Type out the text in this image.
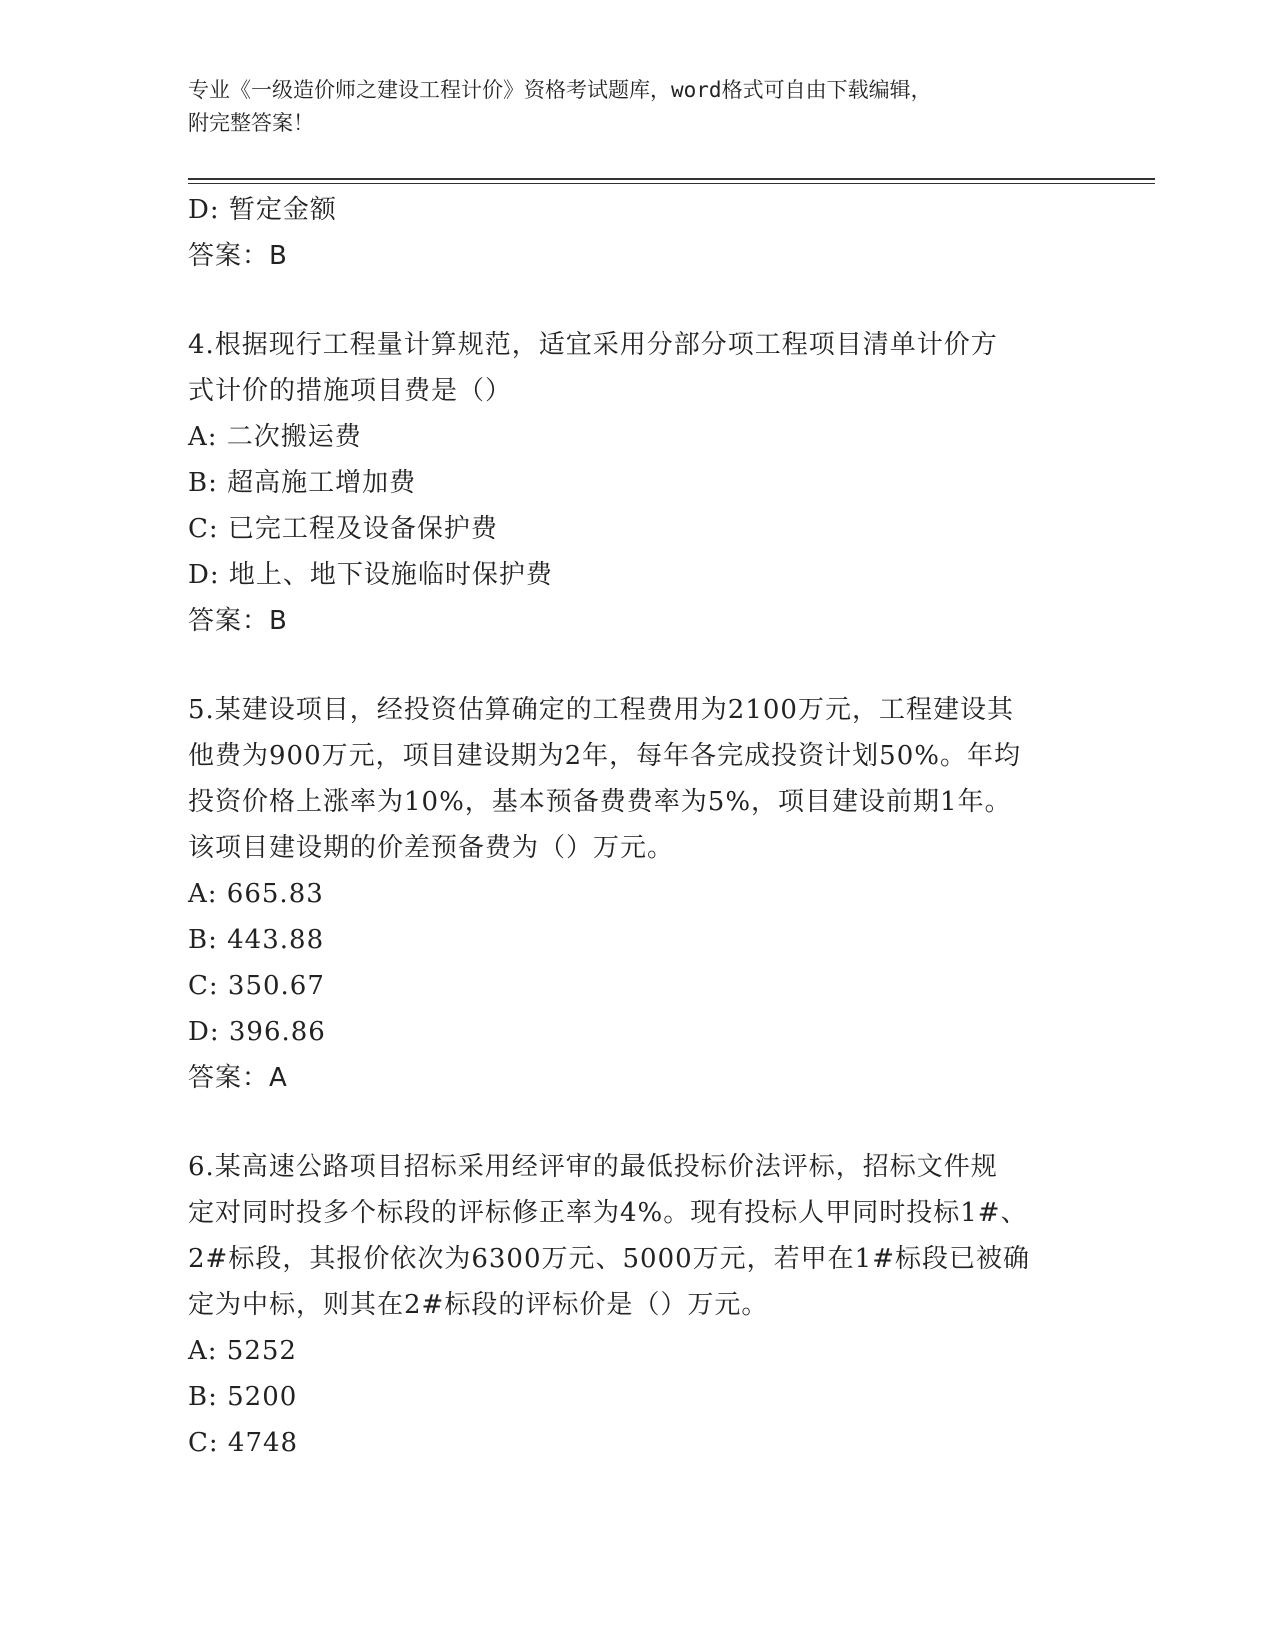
专业《一级造价师之建设工程计价》资格考试题库，word格式可自由下载编辑，
附完整答案！
D: 暂定金额
答案：B
4.根据现行工程量计算规范，适宜采用分部分项工程项目清单计价方
式计价的措施项目费是（）
A: 二次搬运费
B: 超高施工增加费
C: 已完工程及设备保护费
D: 地上、地下设施临时保护费
答案：B
5.某建设项目，经投资估算确定的工程费用为2100万元，工程建设其
他费为900万元，项目建设期为2年，每年各完成投资计划50%。年均
投资价格上涨率为10%，基本预备费费率为5%，项目建设前期1年。
该项目建设期的价差预备费为（）万元。
A: 665.83
B: 443.88
C: 350.67
D: 396.86
答案：A
6.某高速公路项目招标采用经评审的最低投标价法评标，招标文件规
定对同时投多个标段的评标修正率为4%。现有投标人甲同时投标1#、
2#标段，其报价依次为6300万元、5000万元，若甲在1#标段已被确
定为中标，则其在2#标段的评标价是（）万元。
A: 5252
B: 5200
C: 4748
